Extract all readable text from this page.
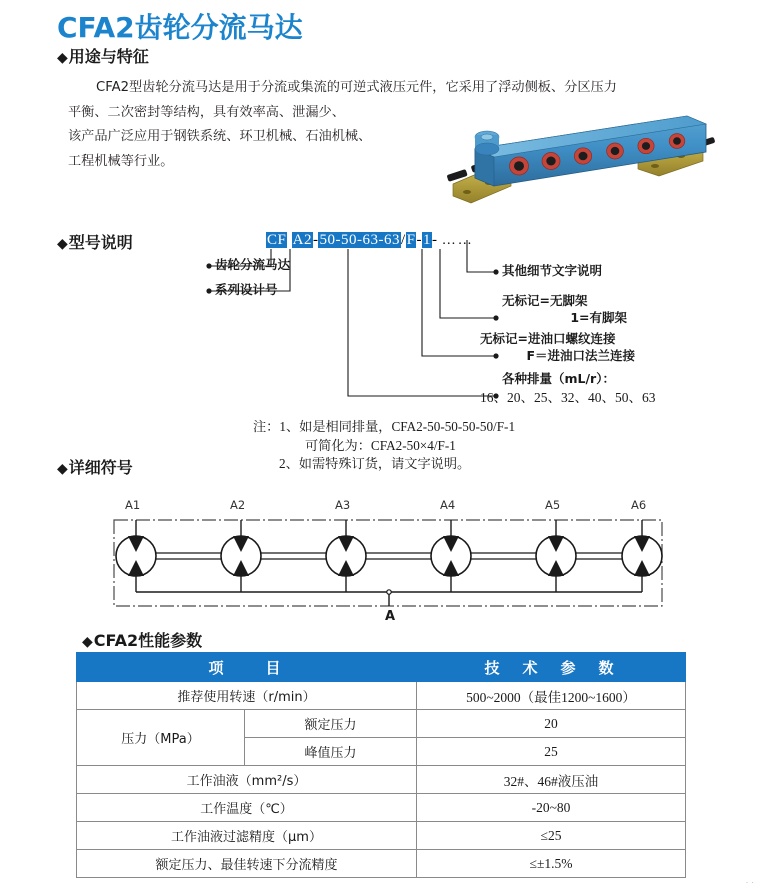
CFA2齿轮分流马达
◆用途与特征

CFA2型齿轮分流马达是用于分流或集流的可逆式液压元件，它采用了浮动侧板、分区压力

平衡、二次密封等结构，具有效率高、泄漏少、

该产品广泛应用于钢铁系统、环卫机械、石油机械、

工程机械等行业。

◆型号说明	CF A2-50-50-63-63/F-1- ……
齿轮分流马达
系列设计号
其他细节文字说明
无标记=无脚架
1=有脚架
无标记=进油口螺纹连接
F＝进油口法兰连接
各种排量（mL/r）：
16、20、25、32、40、50、63
注：1、如是相同排量，CFA2-50-50-50-50/F-1
可简化为：CFA2-50×4/F-1
2、如需特殊订货，请文字说明。
◆详细符号
A1	A2	A3	A4	A5	A6
A
◆CFA2性能参数
项　　目		技　术　参　数
推荐使用转速（r/min）		500~2000（最佳1200~1600）
压力（MPa）	额定压力	20
	峰值压力	25
工作油液（mm²/s）		32#、46#液压油
工作温度（℃）		-20~80
工作油液过滤精度（μm）		≤25
额定压力、最佳转速下分流精度		≤±1.5%
··
